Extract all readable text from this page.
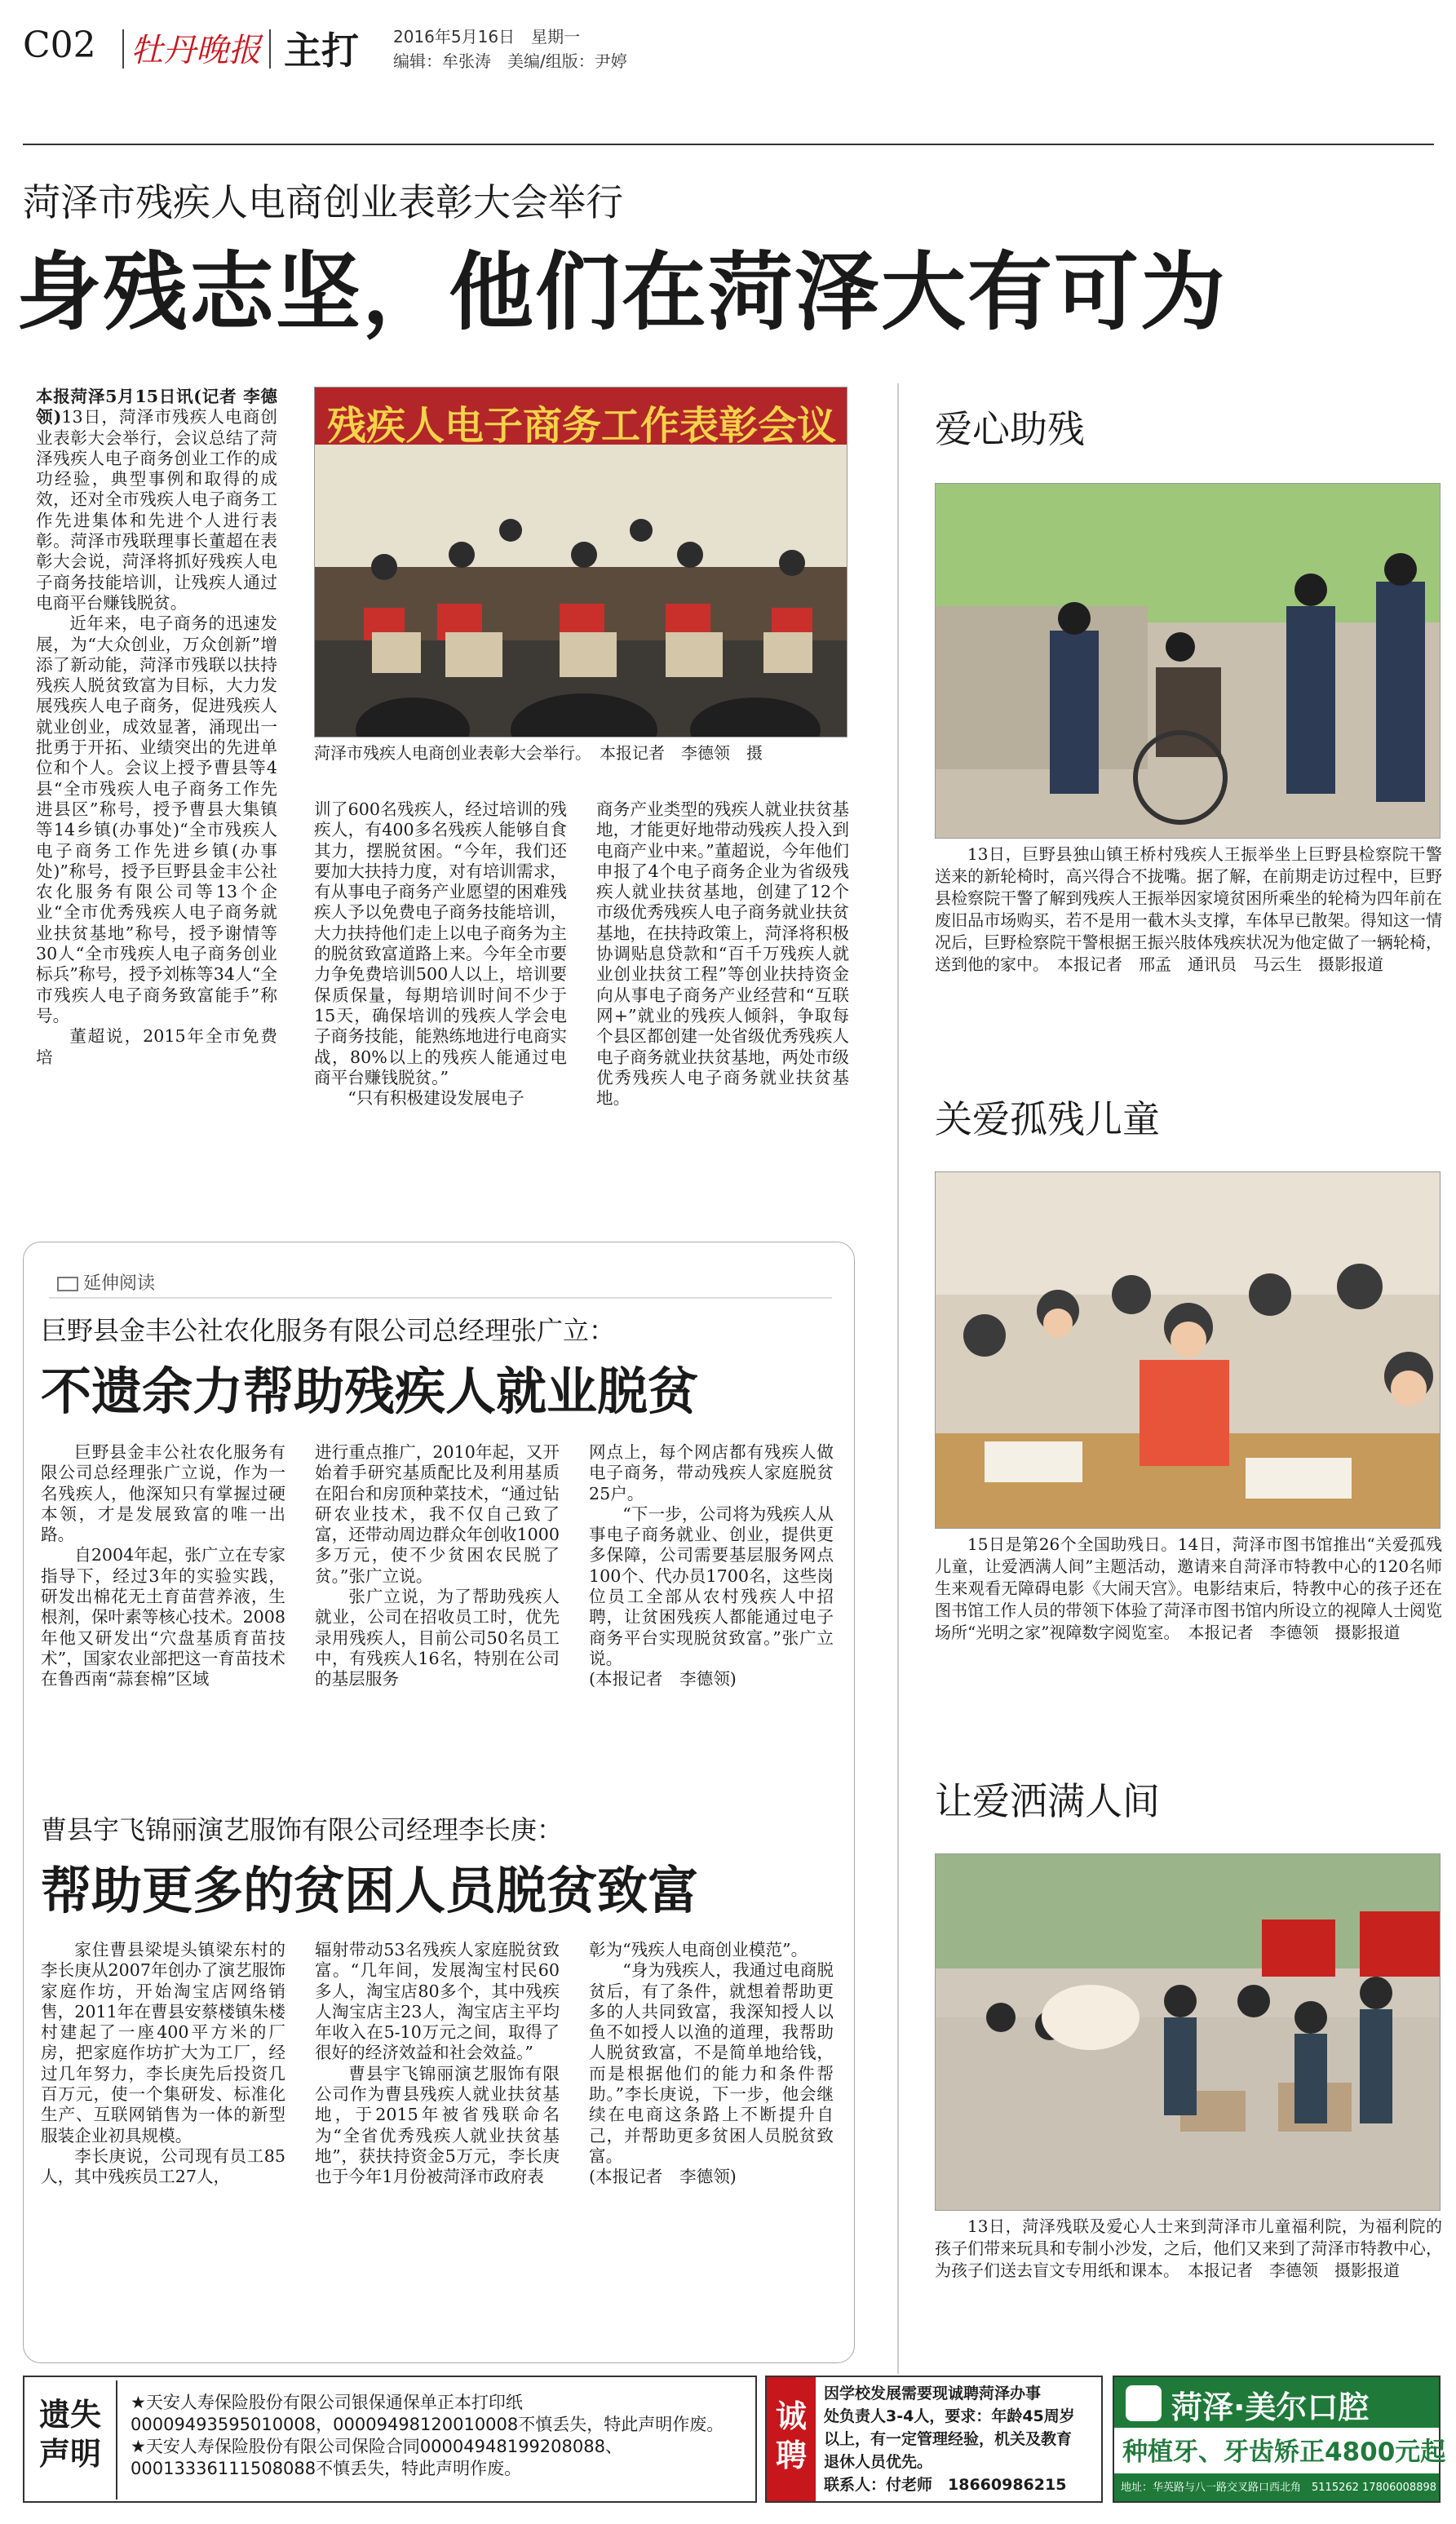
C02 牡丹晚报 主打 2016年5月16日　星期一
编辑：牟张涛　美编/组版：尹婷
菏泽市残疾人电商创业表彰大会举行
身残志坚，他们在菏泽大有可为

本报菏泽5月15日讯(记者 李德领)13日，菏泽市残疾人电商创业表彰大会举行，会议总结了菏泽残疾人电子商务创业工作的成功经验，典型事例和取得的成效，还对全市残疾人电子商务工作先进集体和先进个人进行表彰。菏泽市残联理事长董超在表彰大会说，菏泽将抓好残疾人电子商务技能培训，让残疾人通过电商平台赚钱脱贫。

近年来，电子商务的迅速发展，为“大众创业，万众创新”增添了新动能，菏泽市残联以扶持残疾人脱贫致富为目标，大力发展残疾人电子商务，促进残疾人就业创业，成效显著，涌现出一批勇于开拓、业绩突出的先进单位和个人。会议上授予曹县等4县“全市残疾人电子商务工作先进县区”称号，授予曹县大集镇等14乡镇(办事处)“全市残疾人电子商务工作先进乡镇(办事处)”称号，授予巨野县金丰公社农化服务有限公司等13个企业“全市优秀残疾人电子商务就业扶贫基地”称号，授予谢情等30人“全市残疾人电子商务创业标兵”称号，授予刘栋等34人“全市残疾人电子商务致富能手”称号。

董超说，2015年全市免费培

残疾人电子商务工作表彰会议
菏泽市残疾人电商创业表彰大会举行。　本报记者　李德领　摄

训了600名残疾人，经过培训的残疾人，有400多名残疾人能够自食其力，摆脱贫困。“今年，我们还要加大扶持力度，对有培训需求，有从事电子商务产业愿望的困难残疾人予以免费电子商务技能培训，大力扶持他们走上以电子商务为主的脱贫致富道路上来。今年全市要力争免费培训500人以上，培训要保质保量，每期培训时间不少于15天，确保培训的残疾人学会电子商务技能，能熟练地进行电商实战，80%以上的残疾人能通过电商平台赚钱脱贫。”

“只有积极建设发展电子

商务产业类型的残疾人就业扶贫基地，才能更好地带动残疾人投入到电商产业中来。”董超说，今年他们申报了4个电子商务企业为省级残疾人就业扶贫基地，创建了12个市级优秀残疾人电子商务就业扶贫基地，在扶持政策上，菏泽将积极协调贴息贷款和“百千万残疾人就业创业扶贫工程”等创业扶持资金向从事电子商务产业经营和“互联网+”就业的残疾人倾斜，争取每个县区都创建一处省级优秀残疾人电子商务就业扶贫基地，两处市级优秀残疾人电子商务就业扶贫基地。

延伸阅读
巨野县金丰公社农化服务有限公司总经理张广立：
不遗余力帮助残疾人就业脱贫

巨野县金丰公社农化服务有限公司总经理张广立说，作为一名残疾人，他深知只有掌握过硬本领，才是发展致富的唯一出路。

自2004年起，张广立在专家指导下，经过3年的实验实践，研发出棉花无土育苗营养液，生根剂，保叶素等核心技术。2008年他又研发出“穴盘基质育苗技术”，国家农业部把这一育苗技术在鲁西南“蒜套棉”区域

进行重点推广，2010年起，又开始着手研究基质配比及利用基质在阳台和房顶种菜技术，“通过钻研农业技术，我不仅自己致了富，还带动周边群众年创收1000多万元，使不少贫困农民脱了贫。”张广立说。

张广立说，为了帮助残疾人就业，公司在招收员工时，优先录用残疾人，目前公司50名员工中，有残疾人16名，特别在公司的基层服务

网点上，每个网店都有残疾人做电子商务，带动残疾人家庭脱贫25户。

“下一步，公司将为残疾人从事电子商务就业、创业，提供更多保障，公司需要基层服务网点100个、代办员1700名，这些岗位员工全部从农村残疾人中招聘，让贫困残疾人都能通过电子商务平台实现脱贫致富。”张广立说。

(本报记者　李德领)

曹县宇飞锦丽演艺服饰有限公司经理李长庚：
帮助更多的贫困人员脱贫致富

家住曹县梁堤头镇梁东村的李长庚从2007年创办了演艺服饰家庭作坊，开始淘宝店网络销售，2011年在曹县安蔡楼镇朱楼村建起了一座400平方米的厂房，把家庭作坊扩大为工厂，经过几年努力，李长庚先后投资几百万元，使一个集研发、标准化生产、互联网销售为一体的新型服装企业初具规模。

李长庚说，公司现有员工85人，其中残疾员工27人，

辐射带动53名残疾人家庭脱贫致富。“几年间，发展淘宝村民60多人，淘宝店80多个，其中残疾人淘宝店主23人，淘宝店主平均年收入在5-10万元之间，取得了很好的经济效益和社会效益。”

曹县宇飞锦丽演艺服饰有限公司作为曹县残疾人就业扶贫基地，于2015年被省残联命名为“全省优秀残疾人就业扶贫基地”，获扶持资金5万元，李长庚也于今年1月份被菏泽市政府表

彰为“残疾人电商创业模范”。

“身为残疾人，我通过电商脱贫后，有了条件，就想着帮助更多的人共同致富，我深知授人以鱼不如授人以渔的道理，我帮助人脱贫致富，不是简单地给钱，而是根据他们的能力和条件帮助。”李长庚说，下一步，他会继续在电商这条路上不断提升自己，并帮助更多贫困人员脱贫致富。

(本报记者　李德领)

爱心助残
13日，巨野县独山镇王桥村残疾人王振举坐上巨野县检察院干警送来的新轮椅时，高兴得合不拢嘴。据了解，在前期走访过程中，巨野县检察院干警了解到残疾人王振举因家境贫困所乘坐的轮椅为四年前在废旧品市场购买，若不是用一截木头支撑，车体早已散架。得知这一情况后，巨野检察院干警根据王振兴肢体残疾状况为他定做了一辆轮椅，送到他的家中。　本报记者　邢孟　通讯员　马云生　摄影报道
关爱孤残儿童
15日是第26个全国助残日。14日，菏泽市图书馆推出“关爱孤残儿童，让爱洒满人间”主题活动，邀请来自菏泽市特教中心的120名师生来观看无障碍电影《大闹天宫》。电影结束后，特教中心的孩子还在图书馆工作人员的带领下体验了菏泽市图书馆内所设立的视障人士阅览场所“光明之家”视障数字阅览室。　本报记者　李德领　摄影报道
让爱洒满人间
13日，菏泽残联及爱心人士来到菏泽市儿童福利院，为福利院的孩子们带来玩具和专制小沙发，之后，他们又来到了菏泽市特教中心，为孩子们送去盲文专用纸和课本。　本报记者　李德领　摄影报道
遗失
声明
★天安人寿保险股份有限公司银保通保单正本打印纸
00009493595010008，00009498120010008不慎丢失，特此声明作废。
★天安人寿保险股份有限公司保险合同00004948199208088、
00013336111508088不慎丢失，特此声明作废。
诚
聘
因学校发展需要现诚聘菏泽办事
处负责人3-4人，要求：年龄45周岁
以上，有一定管理经验，机关及教育
退休人员优先。
联系人：付老师　18660986215
菏泽·美尔口腔
种植牙、牙齿矫正4800元起
地址：华英路与八一路交叉路口西北角　5115262 17806008898
